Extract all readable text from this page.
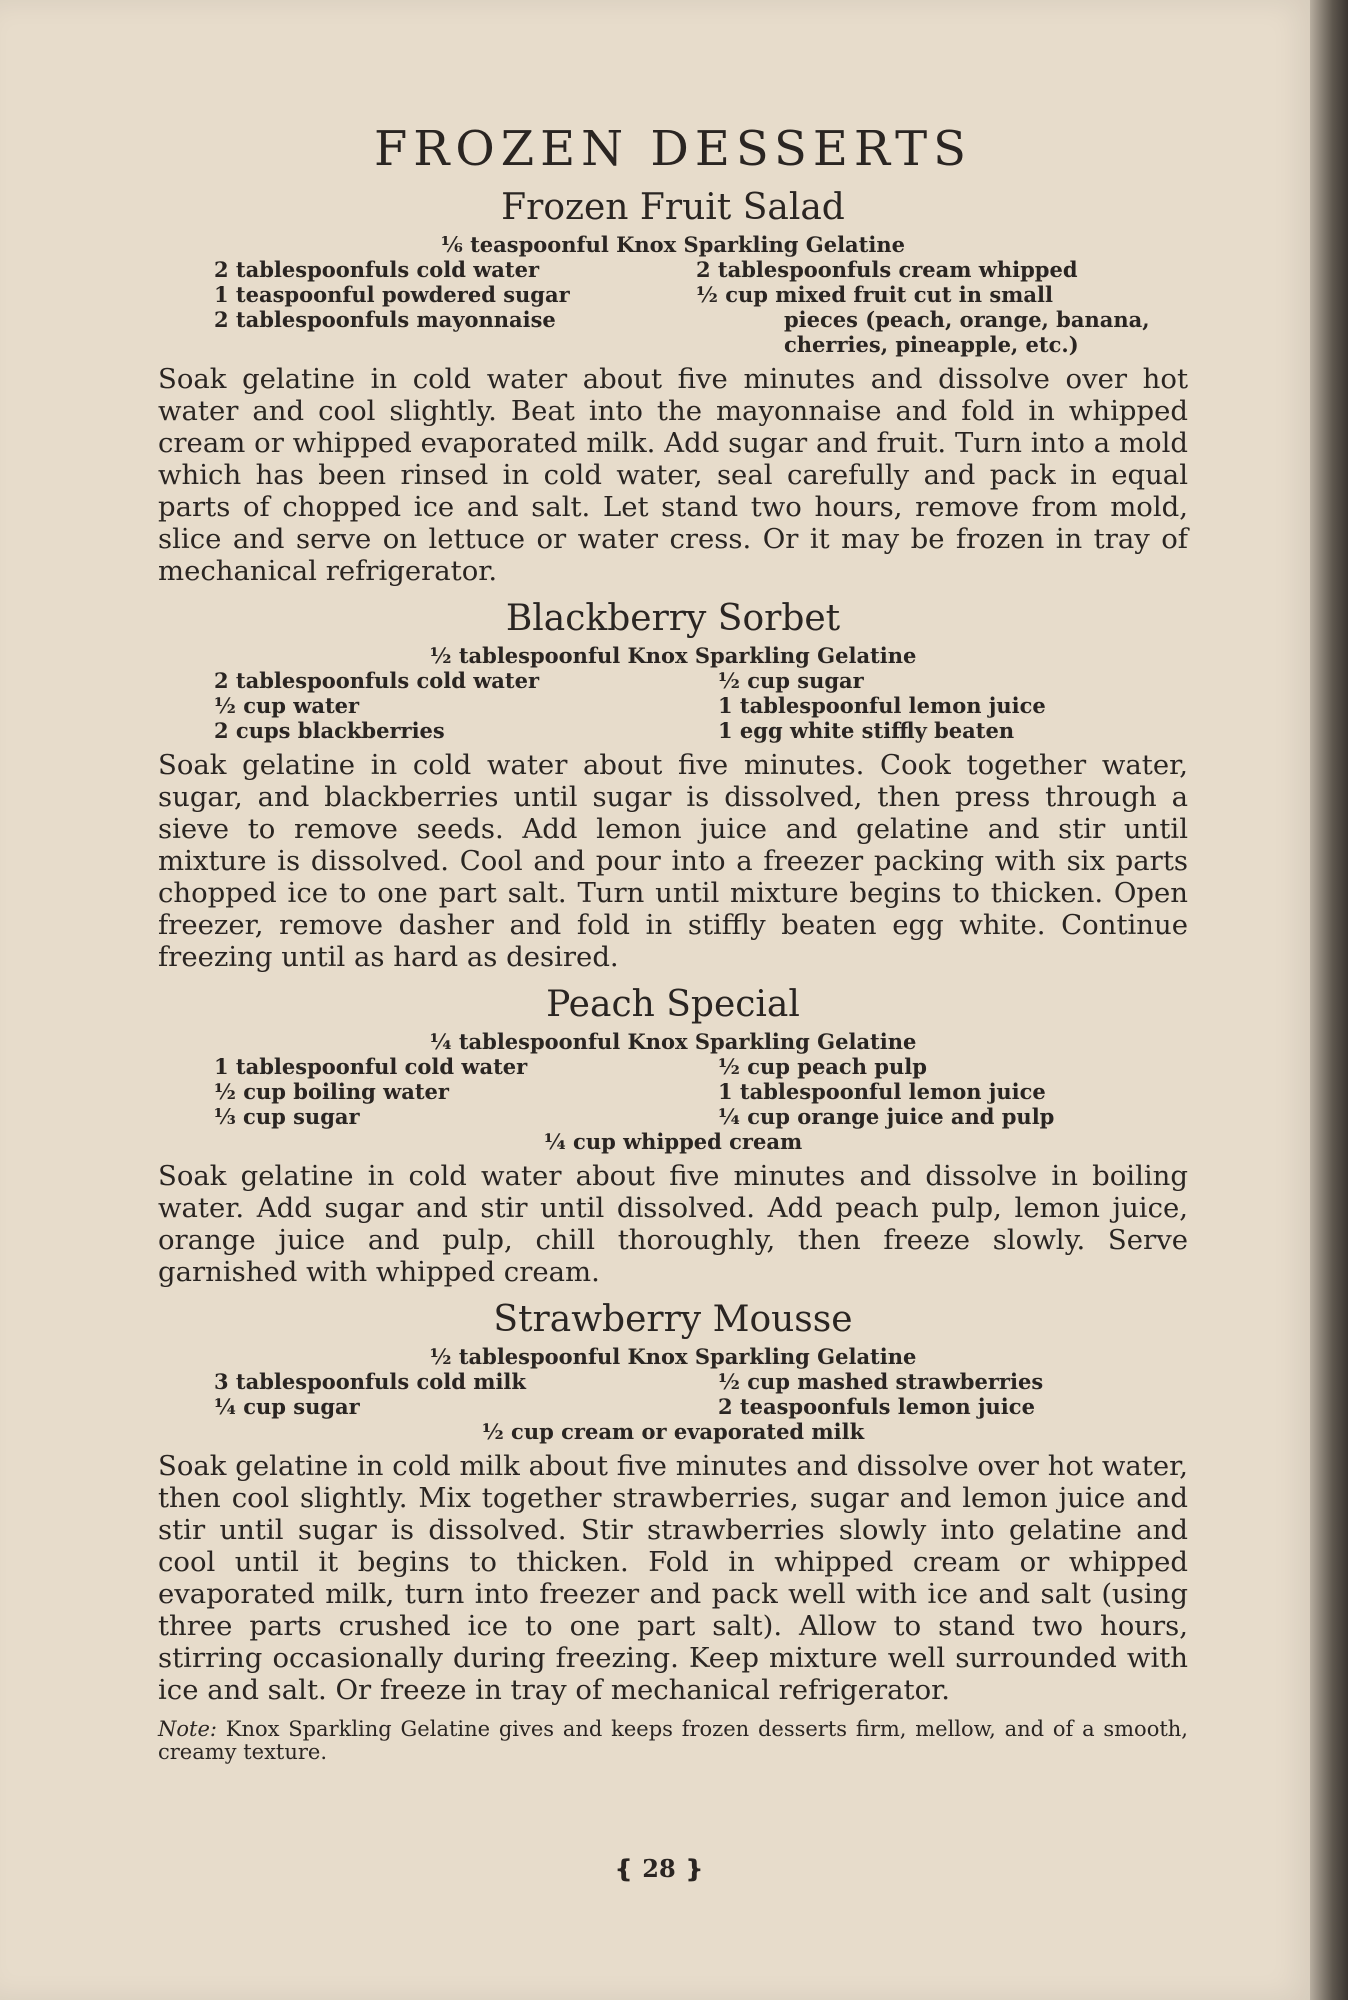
FROZEN DESSERTS
Frozen Fruit Salad
⅙ teaspoonful Knox Sparkling Gelatine
2 tablespoonfuls cold water
1 teaspoonful powdered sugar
2 tablespoonfuls mayonnaise
2 tablespoonfuls cream whipped
½ cup mixed fruit cut in small
pieces (peach, orange, banana,
cherries, pineapple, etc.)

Soak gelatine in cold water about five minutes and dissolve over hot water and cool slightly. Beat into the mayonnaise and fold in whipped cream or whipped evaporated milk. Add sugar and fruit. Turn into a mold which has been rinsed in cold water, seal carefully and pack in equal parts of chopped ice and salt. Let stand two hours, remove from mold, slice and serve on lettuce or water cress. Or it may be frozen in tray of mechanical refrigerator.

Blackberry Sorbet
½ tablespoonful Knox Sparkling Gelatine
2 tablespoonfuls cold water
½ cup water
2 cups blackberries
½ cup sugar
1 tablespoonful lemon juice
1 egg white stiffly beaten

Soak gelatine in cold water about five minutes. Cook together water, sugar, and blackberries until sugar is dissolved, then press through a sieve to remove seeds. Add lemon juice and gelatine and stir until mixture is dissolved. Cool and pour into a freezer packing with six parts chopped ice to one part salt. Turn until mixture begins to thicken. Open freezer, remove dasher and fold in stiffly beaten egg white. Continue freezing until as hard as desired.

Peach Special
¼ tablespoonful Knox Sparkling Gelatine
1 tablespoonful cold water
½ cup boiling water
⅓ cup sugar
½ cup peach pulp
1 tablespoonful lemon juice
¼ cup orange juice and pulp
¼ cup whipped cream

Soak gelatine in cold water about five minutes and dissolve in boiling water. Add sugar and stir until dissolved. Add peach pulp, lemon juice, orange juice and pulp, chill thoroughly, then freeze slowly. Serve garnished with whipped cream.

Strawberry Mousse
½ tablespoonful Knox Sparkling Gelatine
3 tablespoonfuls cold milk
¼ cup sugar
½ cup mashed strawberries
2 teaspoonfuls lemon juice
½ cup cream or evaporated milk

Soak gelatine in cold milk about five minutes and dissolve over hot water, then cool slightly. Mix together strawberries, sugar and lemon juice and stir until sugar is dissolved. Stir strawberries slowly into gelatine and cool until it begins to thicken. Fold in whipped cream or whipped evaporated milk, turn into freezer and pack well with ice and salt (using three parts crushed ice to one part salt). Allow to stand two hours, stirring occasionally during freezing. Keep mixture well surrounded with ice and salt. Or freeze in tray of mechanical refrigerator.

Note: Knox Sparkling Gelatine gives and keeps frozen desserts firm, mellow, and of a smooth, creamy texture.

❴ 28 ❵
